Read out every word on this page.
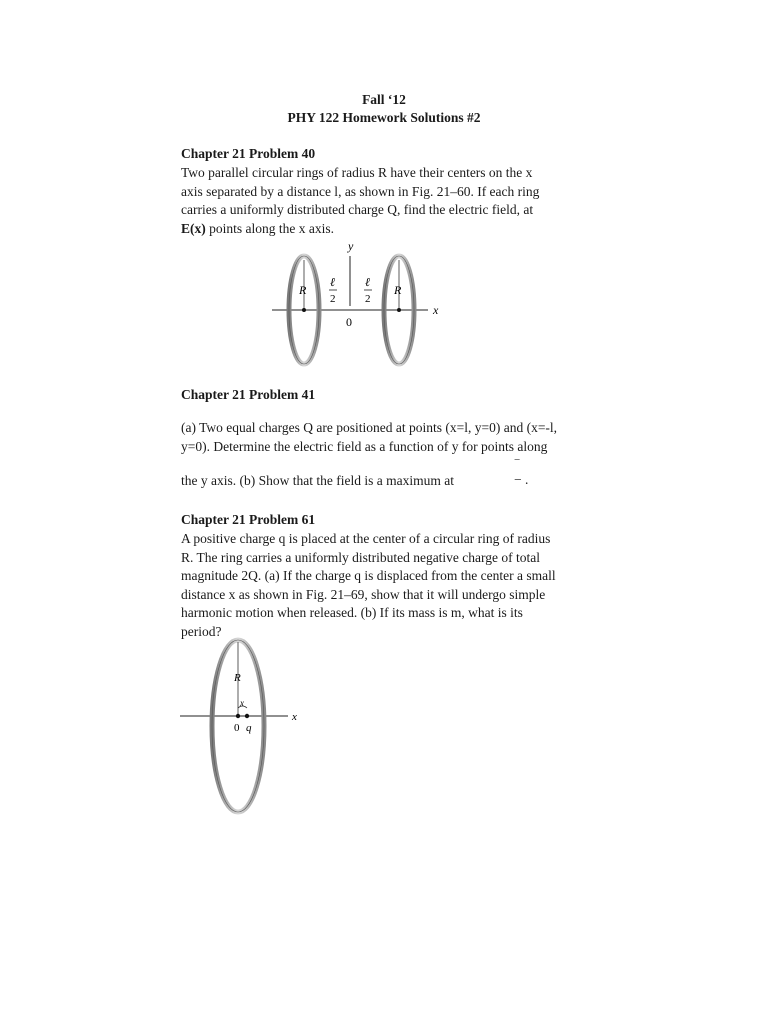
Fall ‘12
PHY 122 Homework Solutions #2
Chapter 21 Problem 40
Two parallel circular rings of radius R have their centers on the x
axis separated by a distance l, as shown in Fig. 21–60. If each ring
carries a uniformly distributed charge Q, find the electric field, at
E(x) points along the x axis.
y
x
R	R
0
ℓ
2
ℓ
2
Chapter 21 Problem 41
(a) Two equal charges Q are positioned at points (x=l, y=0) and (x=-l,
y=0). Determine the electric field as a function of y for points along
−
the y axis. (b) Show that the field is a maximum at	− .
Chapter 21 Problem 61
A positive charge q is placed at the center of a circular ring of radius
R. The ring carries a uniformly distributed negative charge of total
magnitude 2Q. (a) If the charge q is displaced from the center a small
distance x as shown in Fig. 21–69, show that it will undergo simple
harmonic motion when released. (b) If its mass is m, what is its
period?
R
x
x
0 q
